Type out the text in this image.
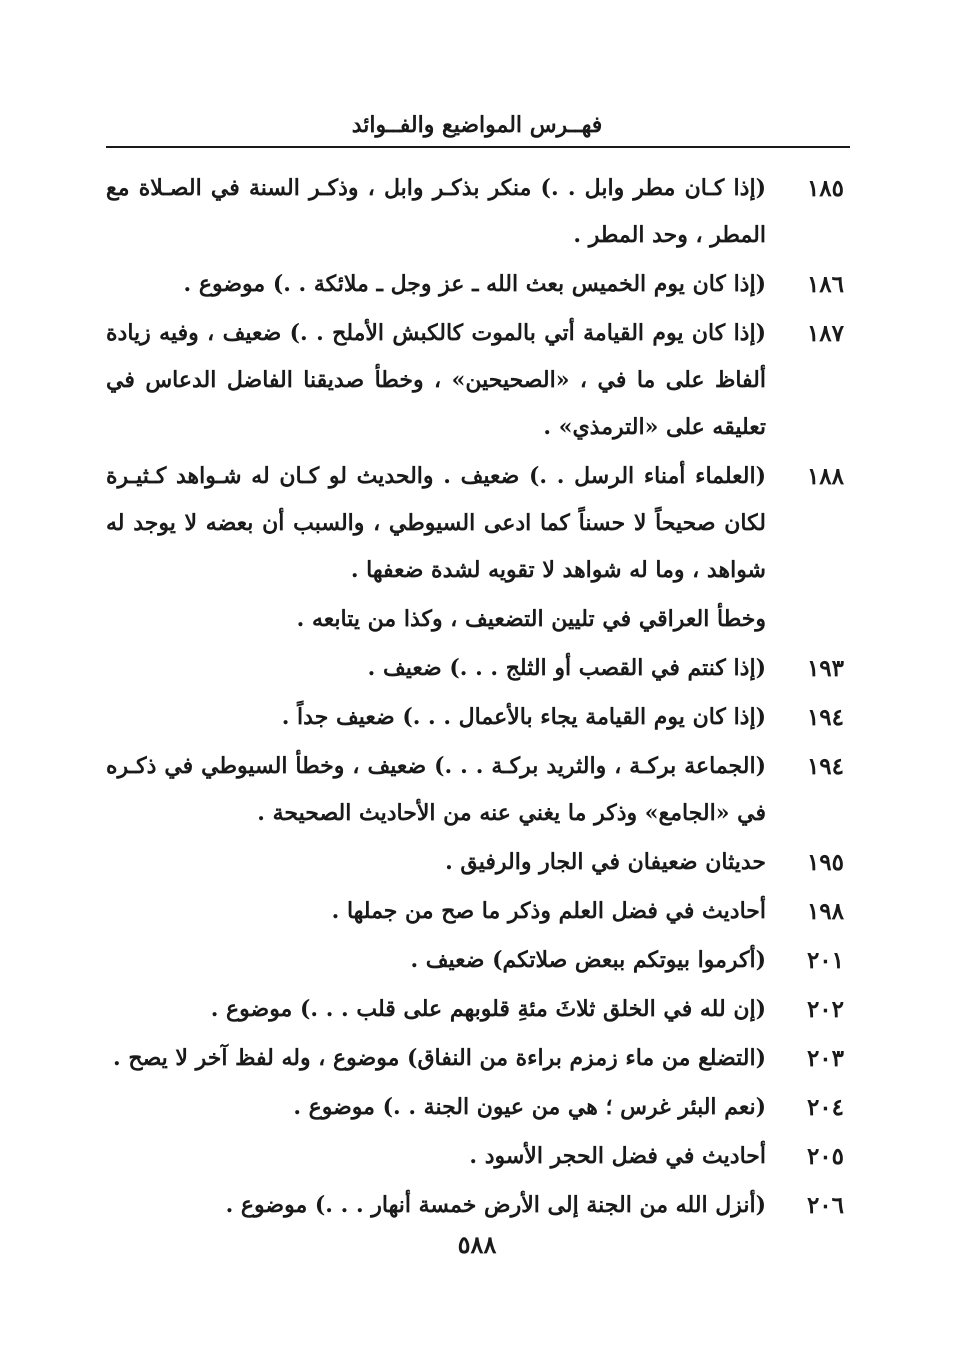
فهــرس المواضيع والفــوائد
١٨٥
(إذا كـان مطر وابل . .) منكر بذكـر وابل ، وذكـر السنة في الصـلاة مع المطر ، وحد المطر .
١٨٦
(إذا كان يوم الخميس بعث الله ـ عز وجل ـ ملائكة . .) موضوع .
١٨٧
(إذا كان يوم القيامة أتي بالموت كالكبش الأملح . .) ضعيف ، وفيه زيادة ألفاظ على ما في ، «الصحيحين» ، وخطأ صديقنا الفاضل الدعاس في تعليقه على «الترمذي» .
١٨٨
(العلماء أمناء الرسل . .) ضعيف . والحديث لو كـان له شـواهد كـثيـرة لكان صحيحاً لا حسناً كما ادعى السيوطي ، والسبب أن بعضه لا يوجد له شواهد ، وما له شواهد لا تقويه لشدة ضعفها .
وخطأ العراقي في تليين التضعيف ، وكذا من يتابعه .
١٩٣
(إذا كنتم في القصب أو الثلج . . .) ضعيف .
١٩٤
(إذا كان يوم القيامة يجاء بالأعمال . . .) ضعيف جداً .
١٩٤
(الجماعة بركـة ، والثريد بركـة . . .) ضعيف ، وخطأ السيوطي في ذكـره في «الجامع» وذكر ما يغني عنه من الأحاديث الصحيحة .
١٩٥
حديثان ضعيفان في الجار والرفيق .
١٩٨
أحاديث في فضل العلم وذكر ما صح من جملها .
٢٠١
(أكرموا بيوتكم ببعض صلاتكم) ضعيف .
٢٠٢
(إن لله في الخلق ثلاثَ مئةِ قلوبهم على قلب . . .) موضوع .
٢٠٣
(التضلع من ماء زمزم براءة من النفاق) موضوع ، وله لفظ آخر لا يصح .
٢٠٤
(نعم البئر غرس ؛ هي من عيون الجنة . .) موضوع .
٢٠٥
أحاديث في فضل الحجر الأسود .
٢٠٦
(أنزل الله من الجنة إلى الأرض خمسة أنهار . . .) موضوع .
٥٨٨
